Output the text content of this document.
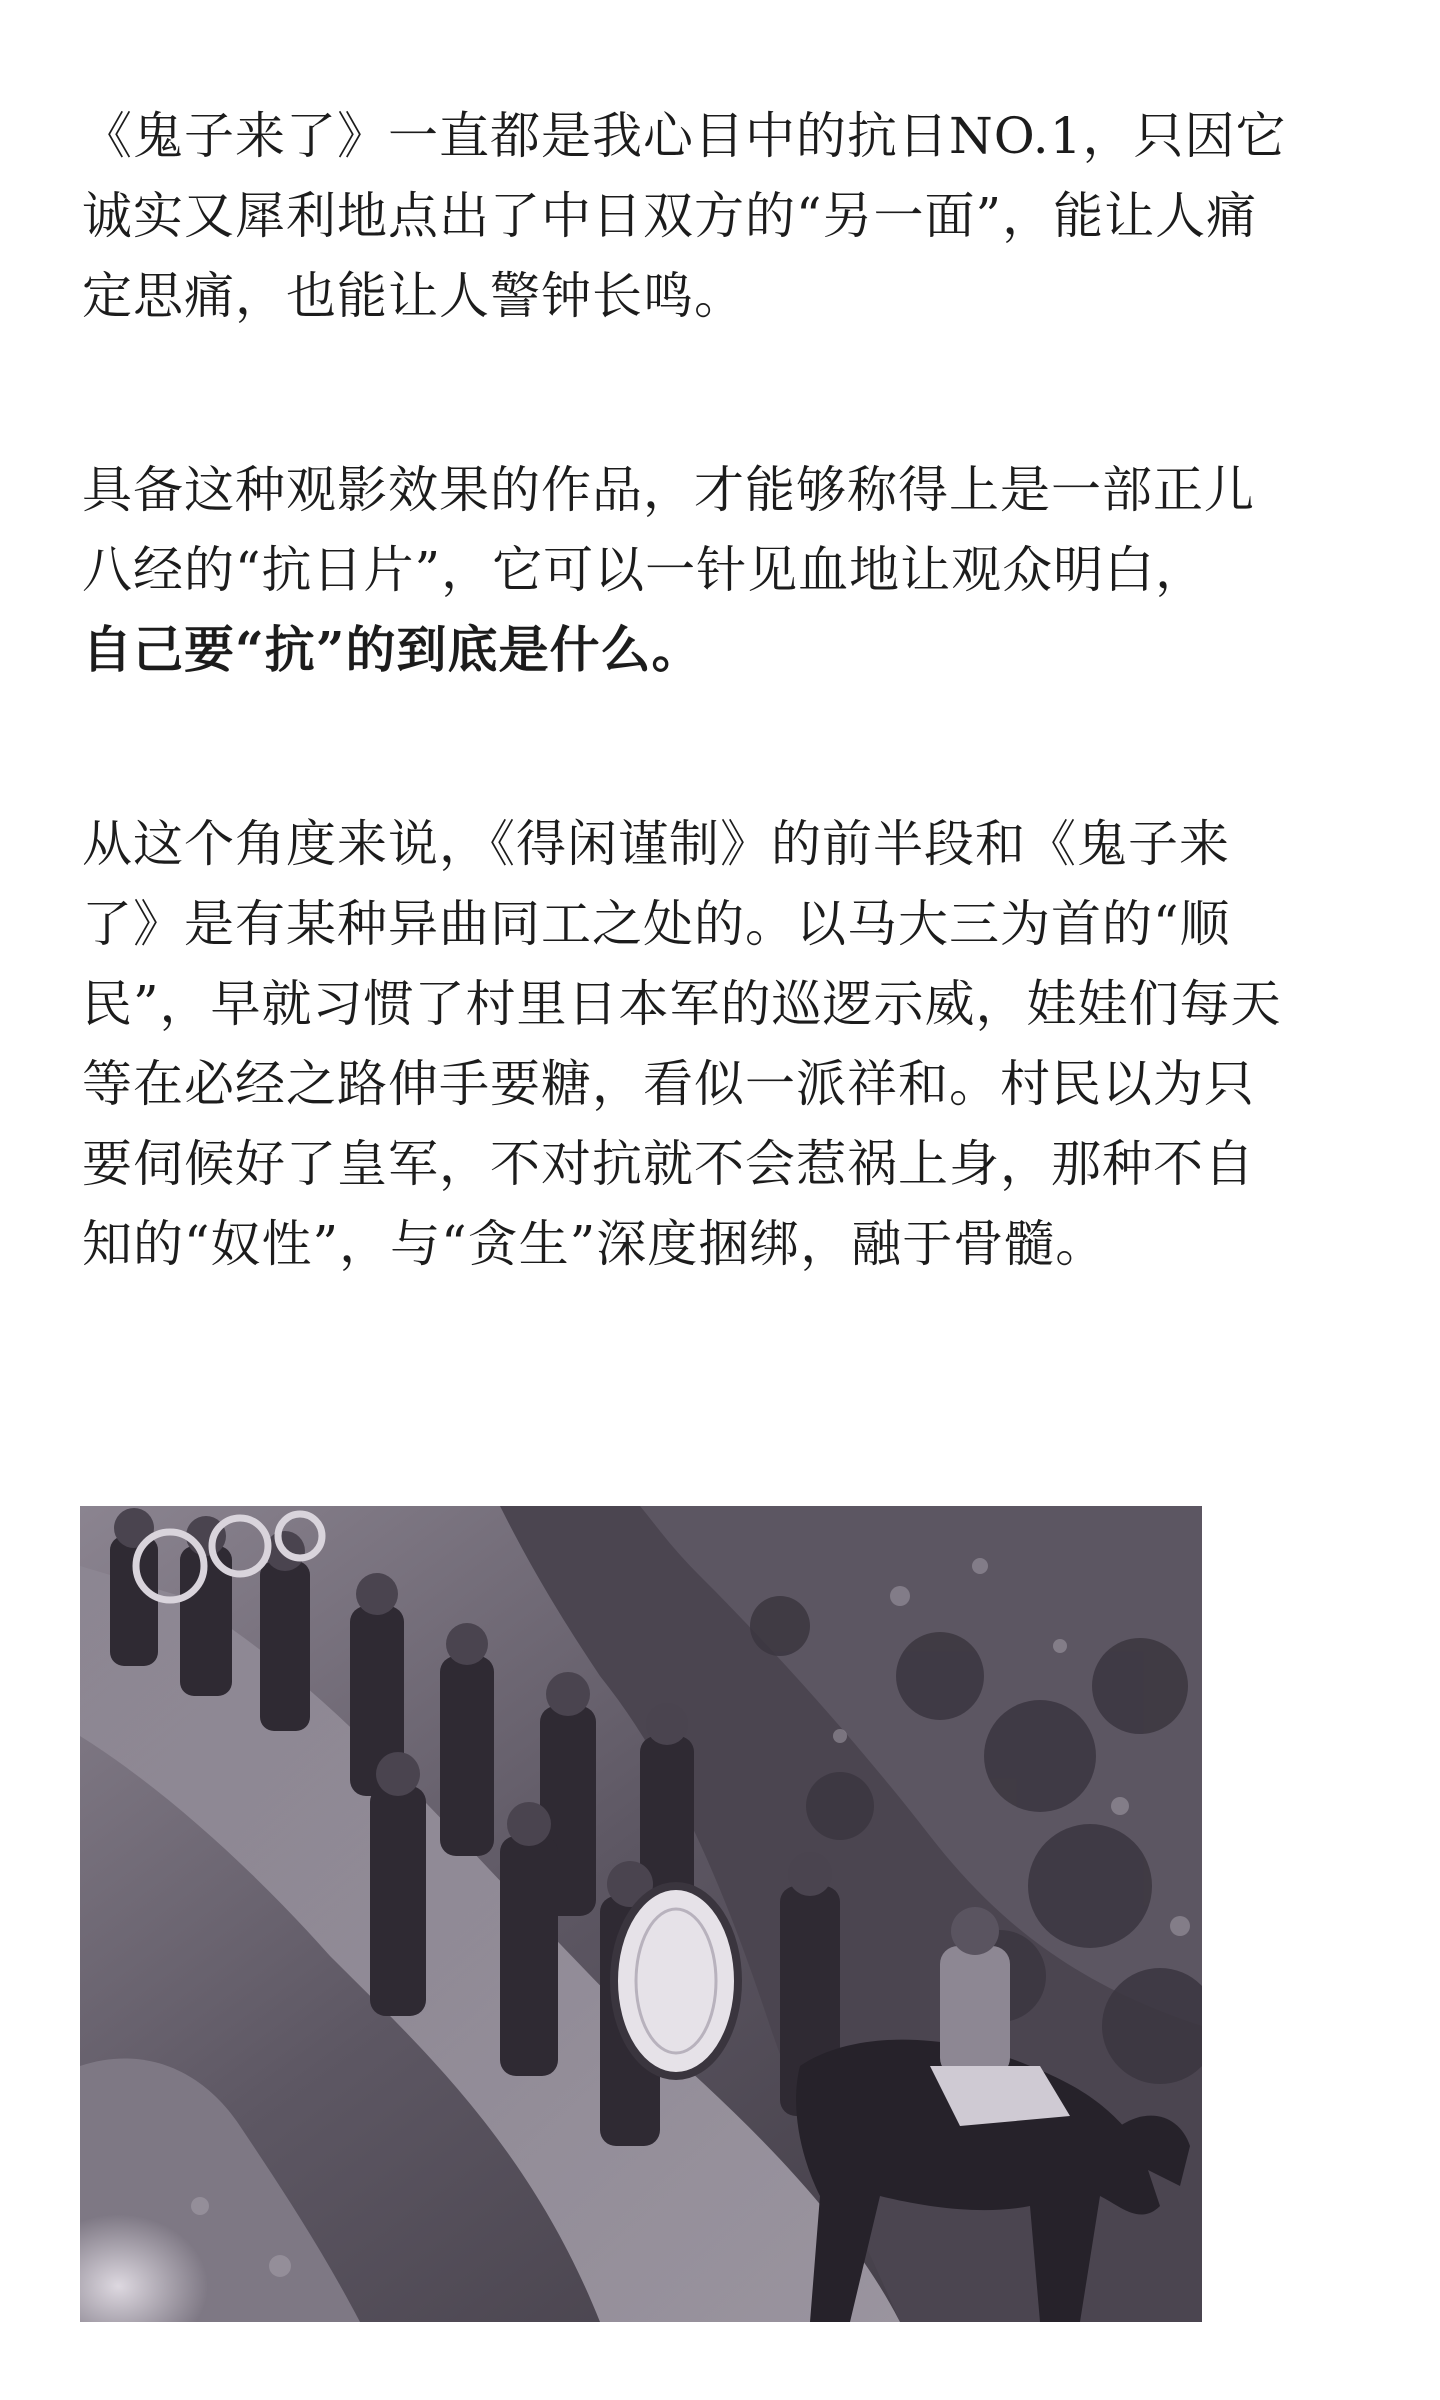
《鬼子来了》一直都是我心目中的抗日NO.1，只因它
诚实又犀利地点出了中日双方的“另一面”，能让人痛
定思痛，也能让人警钟长鸣。

具备这种观影效果的作品，才能够称得上是一部正儿
八经的“抗日片”，它可以一针见血地让观众明白，
自己要“抗”的到底是什么。

从这个角度来说，《得闲谨制》的前半段和《鬼子来
了》是有某种异曲同工之处的。以马大三为首的“顺
民”，早就习惯了村里日本军的巡逻示威，娃娃们每天
等在必经之路伸手要糖，看似一派祥和。村民以为只
要伺候好了皇军，不对抗就不会惹祸上身，那种不自
知的“奴性”，与“贪生”深度捆绑，融于骨髓。
